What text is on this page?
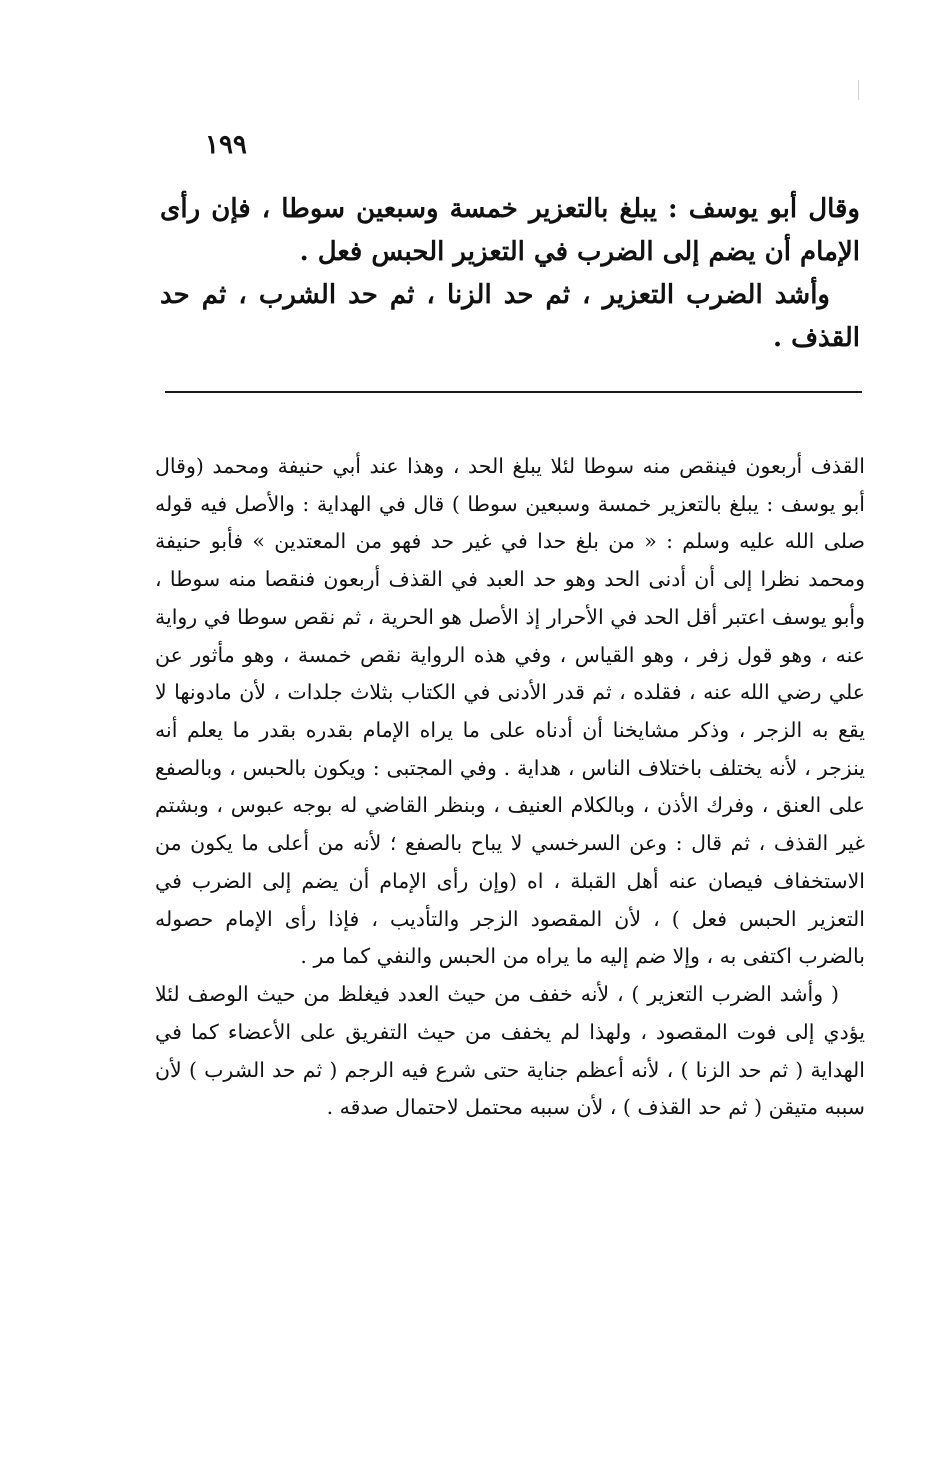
١٩٩

وقال أبو يوسف : يبلغ بالتعزير خمسة وسبعين سوطا ، فإن رأى الإمام أن يضم إلى الضرب في التعزير الحبس فعل .

وأشد الضرب التعزير ، ثم حد الزنا ، ثم حد الشرب ، ثم حد القذف .

القذف أربعون فينقص منه سوطا لئلا يبلغ الحد ، وهذا عند أبي حنيفة ومحمد (وقال أبو يوسف : يبلغ بالتعزير خمسة وسبعين سوطا ) قال في الهداية : والأصل فيه قوله صلى الله عليه وسلم : « من بلغ حدا في غير حد فهو من المعتدين » فأبو حنيفة ومحمد نظرا إلى أن أدنى الحد وهو حد العبد في القذف أربعون فنقصا منه سوطا ، وأبو يوسف اعتبر أقل الحد في الأحرار إذ الأصل هو الحرية ، ثم نقص سوطا في رواية عنه ، وهو قول زفر ، وهو القياس ، وفي هذه الرواية نقص خمسة ، وهو مأثور عن علي رضي الله عنه ، فقلده ، ثم قدر الأدنى في الكتاب بثلاث جلدات ، لأن مادونها لا يقع به الزجر ، وذكر مشايخنا أن أدناه على ما يراه الإمام بقدره بقدر ما يعلم أنه ينزجر ، لأنه يختلف باختلاف الناس ، هداية . وفي المجتبى : ويكون بالحبس ، وبالصفع على العنق ، وفرك الأذن ، وبالكلام العنيف ، وبنظر القاضي له بوجه عبوس ، وبشتم غير القذف ، ثم قال : وعن السرخسي لا يباح بالصفع ؛ لأنه من أعلى ما يكون من الاستخفاف فيصان عنه أهل القبلة ، اه (وإن رأى الإمام أن يضم إلى الضرب في التعزير الحبس فعل ) ، لأن المقصود الزجر والتأديب ، فإذا رأى الإمام حصوله بالضرب اكتفى به ، وإلا ضم إليه ما يراه من الحبس والنفي كما مر .

( وأشد الضرب التعزير ) ، لأنه خفف من حيث العدد فيغلظ من حيث الوصف لئلا يؤدي إلى فوت المقصود ، ولهذا لم يخفف من حيث التفريق على الأعضاء كما في الهداية ( ثم حد الزنا ) ، لأنه أعظم جناية حتى شرع فيه الرجم ( ثم حد الشرب ) لأن سببه متيقن ( ثم حد القذف ) ، لأن سببه محتمل لاحتمال صدقه .
